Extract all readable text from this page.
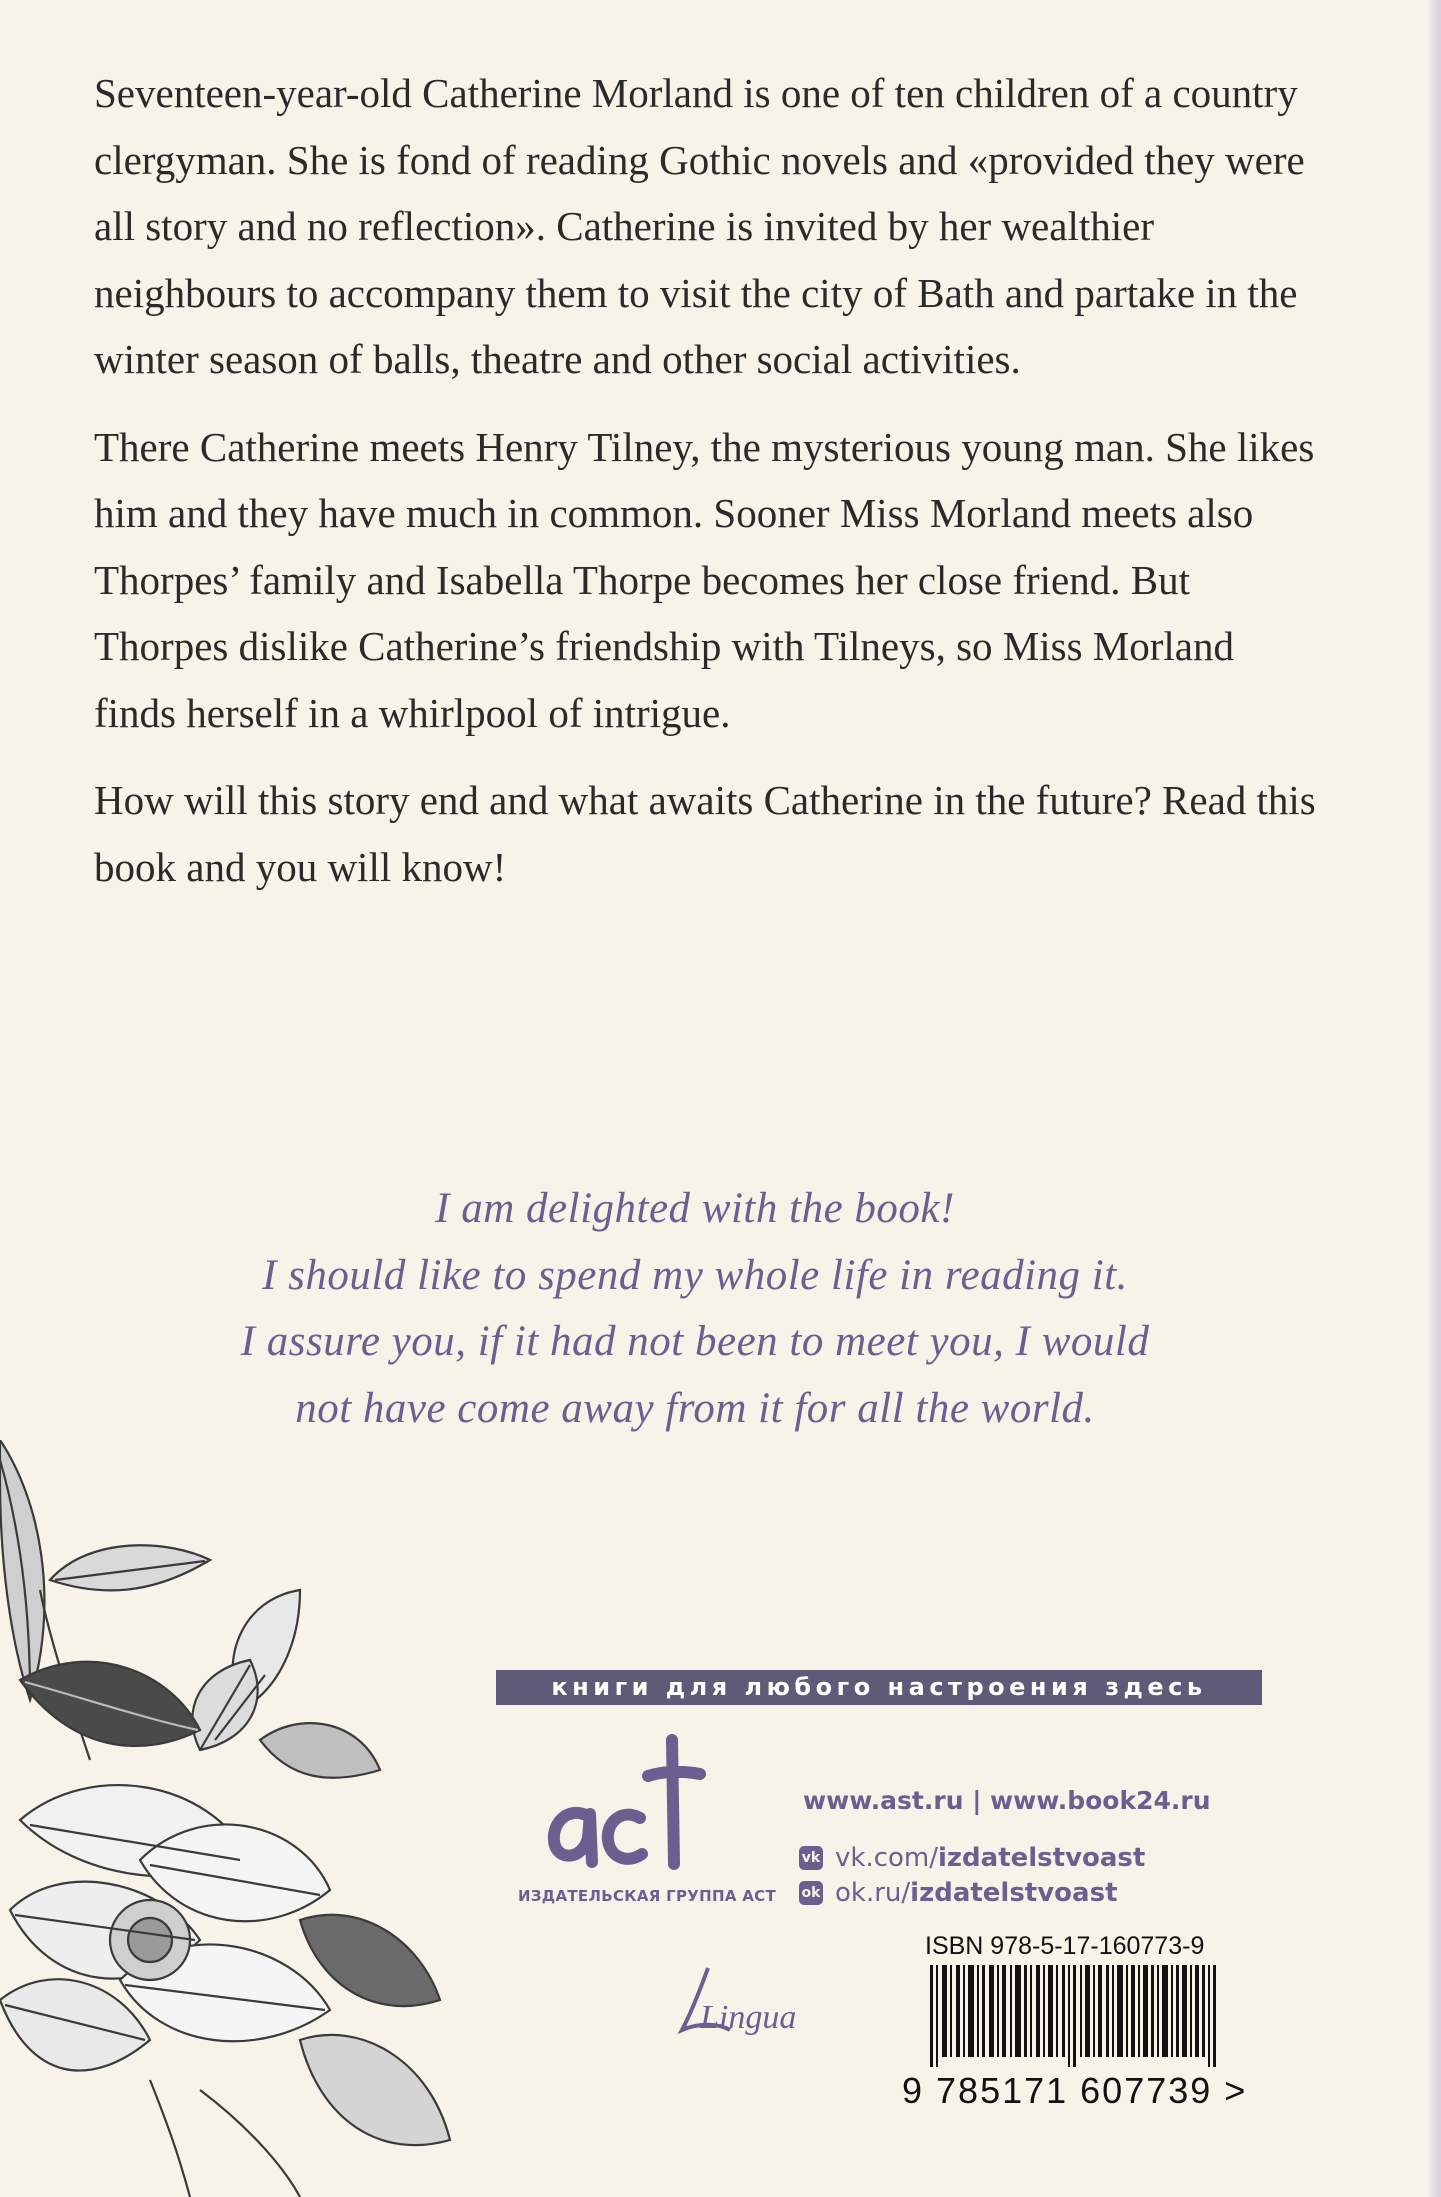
Seventeen-year-old Catherine Morland is one of ten children of a country clergyman. She is fond of reading Gothic novels and «provided they were all story and no reflection». Catherine is invited by her wealthier neighbours to accompany them to visit the city of Bath and partake in the winter season of balls, theatre and other social activities.

There Catherine meets Henry Tilney, the mysterious young man. She likes him and they have much in common. Sooner Miss Morland meets also Thorpes’ family and Isabella Thorpe becomes her close friend. But Thorpes dislike Catherine’s friendship with Tilneys, so Miss Morland finds herself in a whirlpool of intrigue.

How will this story end and what awaits Catherine in the future? Read this book and you will know!

I am delighted with the book!
I should like to spend my whole life in reading it.
I assure you, if it had not been to meet you, I would
not have come away from it for all the world.
книги для любого настроения здесь
ИЗДАТЕЛЬСКАЯ ГРУППА АСТ
www.ast.ru | www.book24.ru
vk vk.com/ izdatelstvoast
ok ok.ru/ izdatelstvoast
Lingua
ISBN 978-5-17-160773-9
9 785171 607739 >
